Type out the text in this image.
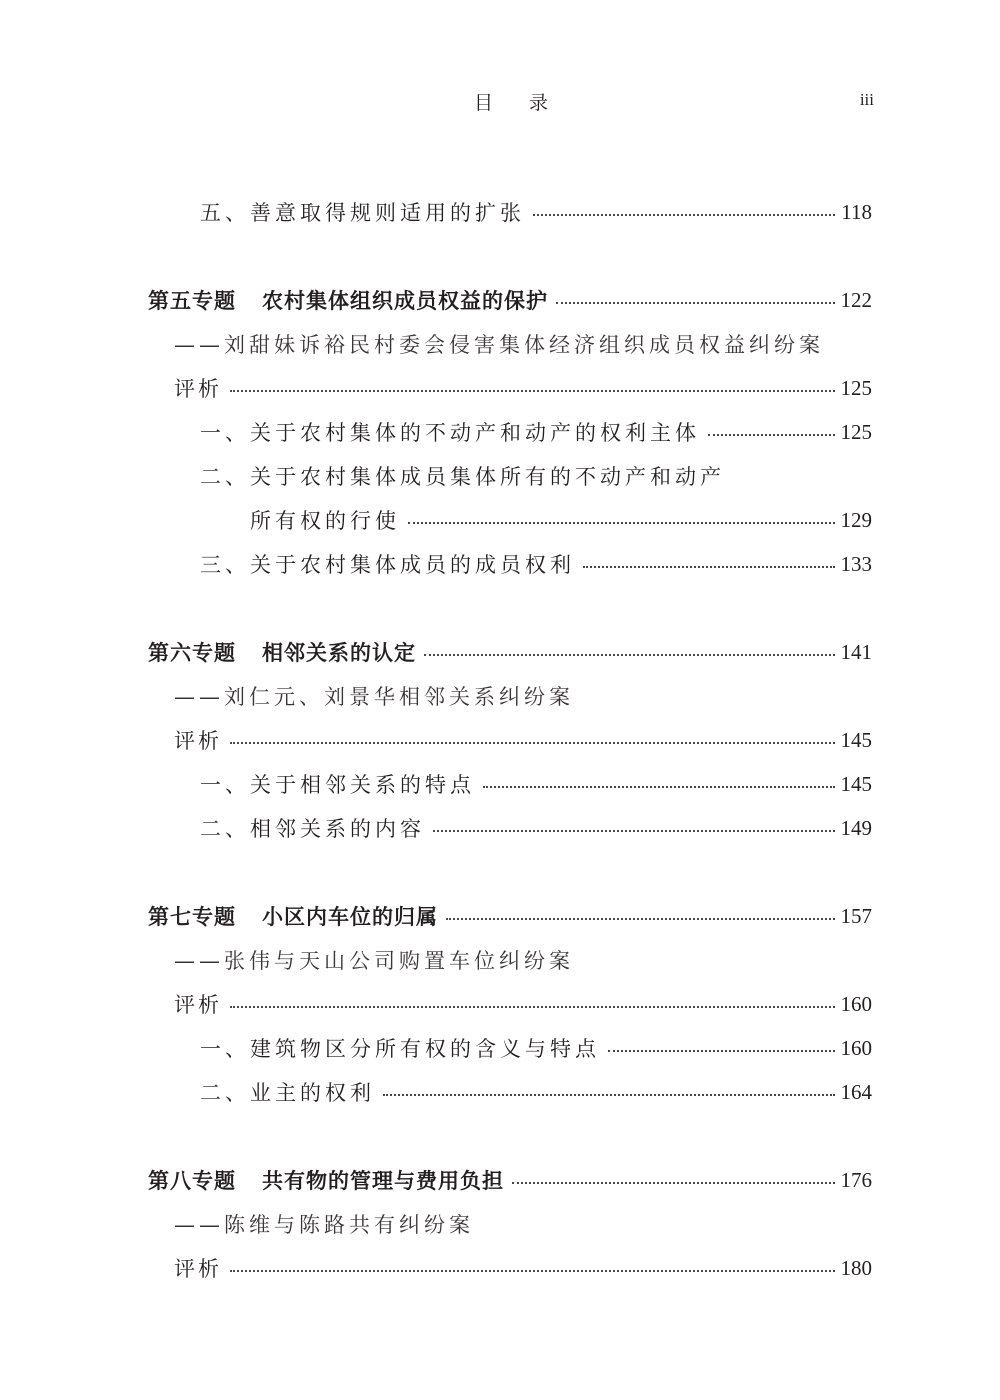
目录	iii
五、善意取得规则适用的扩张	118
第五专题 农村集体组织成员权益的保护	122
——刘甜妹诉裕民村委会侵害集体经济组织成员权益纠纷案
评析	125
一、关于农村集体的不动产和动产的权利主体	125
二、关于农村集体成员集体所有的不动产和动产
所有权的行使	129
三、关于农村集体成员的成员权利	133
第六专题 相邻关系的认定	141
——刘仁元、刘景华相邻关系纠纷案
评析	145
一、关于相邻关系的特点	145
二、相邻关系的内容	149
第七专题 小区内车位的归属	157
——张伟与天山公司购置车位纠纷案
评析	160
一、建筑物区分所有权的含义与特点	160
二、业主的权利	164
第八专题 共有物的管理与费用负担	176
——陈维与陈路共有纠纷案
评析	180
